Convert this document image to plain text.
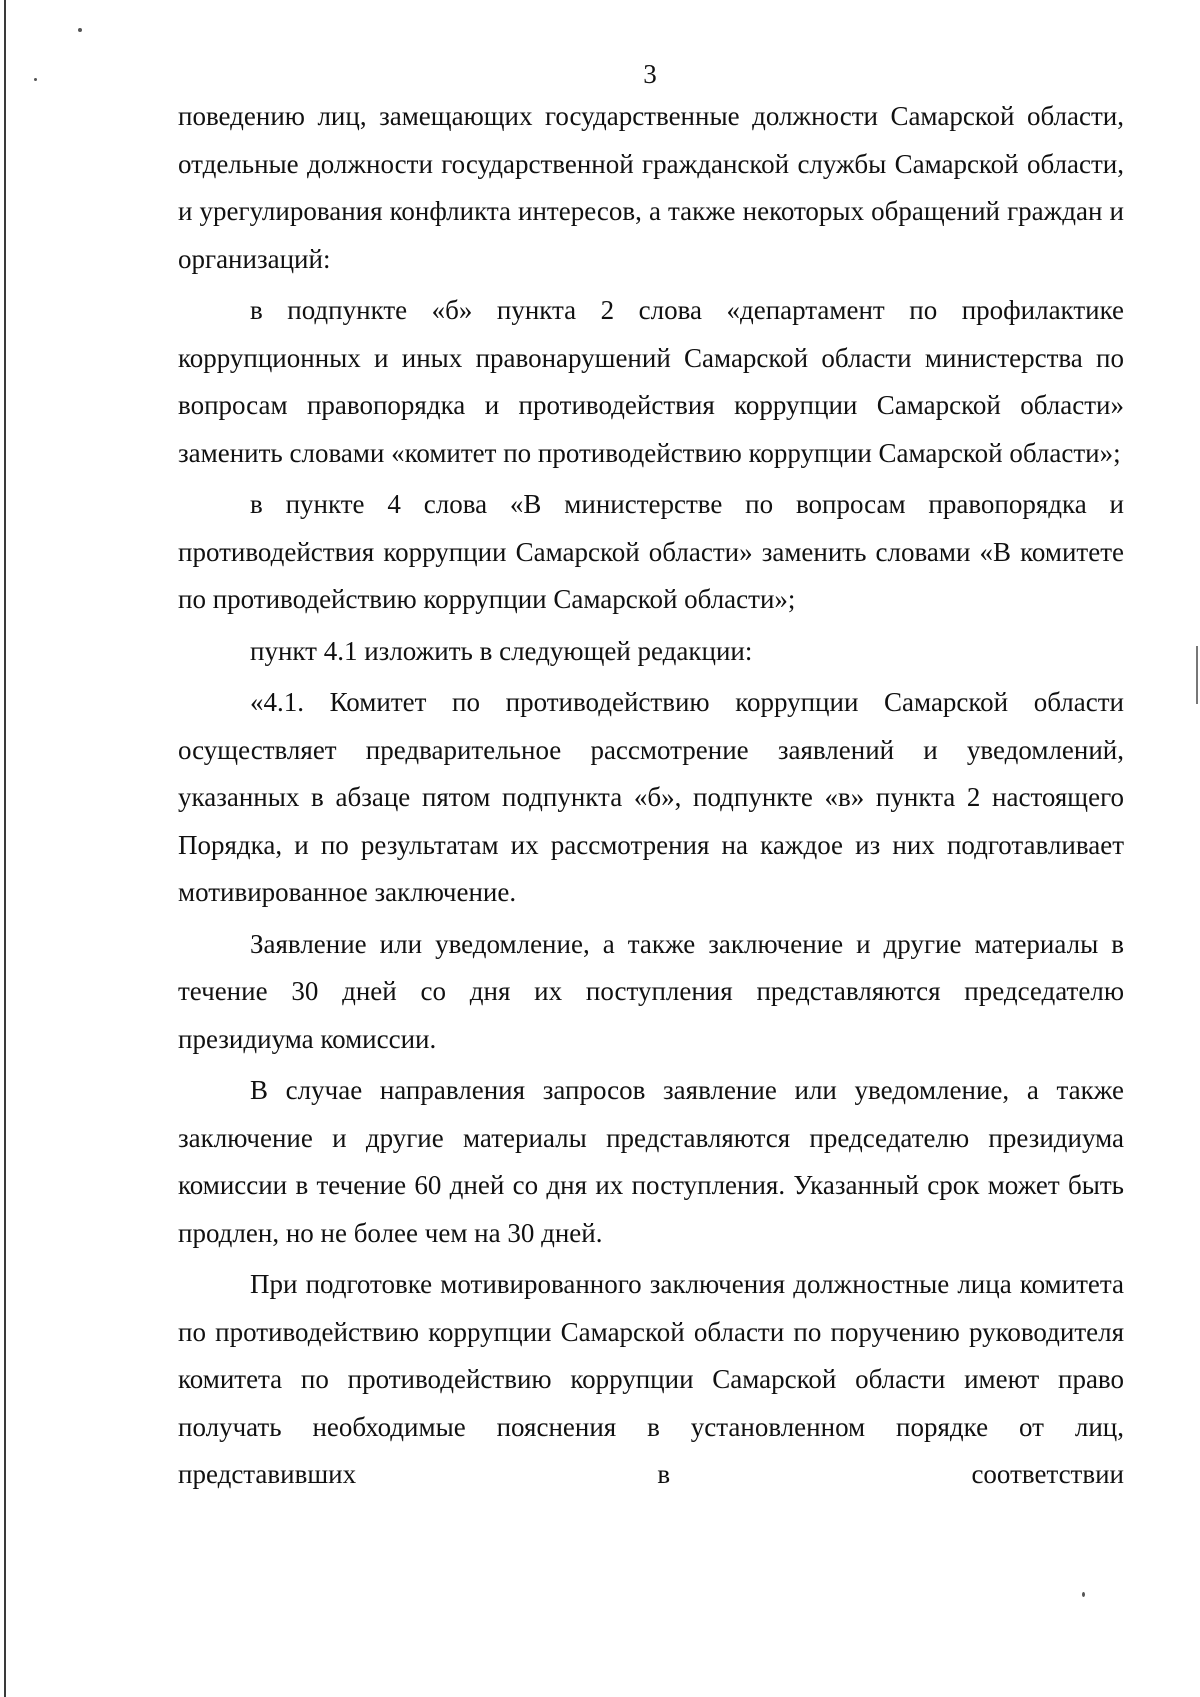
3

поведению лиц, замещающих государственные должности Самарской области, отдельные должности государственной гражданской службы Самарской области, и урегулирования конфликта интересов, а также некоторых обращений граждан и организаций:

в подпункте «б» пункта 2 слова «департамент по профилактике коррупционных и иных правонарушений Самарской области министерства по вопросам правопорядка и противодействия коррупции Самарской области» заменить словами «комитет по противодействию коррупции Самарской области»;

в пункте 4 слова «В министерстве по вопросам правопорядка и противодействия коррупции Самарской области» заменить словами «В комитете по противодействию коррупции Самарской области»;

пункт 4.1 изложить в следующей редакции:

«4.1. Комитет по противодействию коррупции Самарской области осуществляет предварительное рассмотрение заявлений и уведомлений, указанных в абзаце пятом подпункта «б», подпункте «в» пункта 2 настоящего Порядка, и по результатам их рассмотрения на каждое из них подготавливает мотивированное заключение.

Заявление или уведомление, а также заключение и другие материалы в течение 30 дней со дня их поступления представляются председателю президиума комиссии.

В случае направления запросов заявление или уведомление, а также заключение и другие материалы представляются председателю президиума комиссии в течение 60 дней со дня их поступления. Указанный срок может быть продлен, но не более чем на 30 дней.

При подготовке мотивированного заключения должностные лица комитета по противодействию коррупции Самарской области по поручению руководителя комитета по противодействию коррупции Самарской области имеют право получать необходимые пояснения в установленном порядке от лиц, представивших в соответствии
